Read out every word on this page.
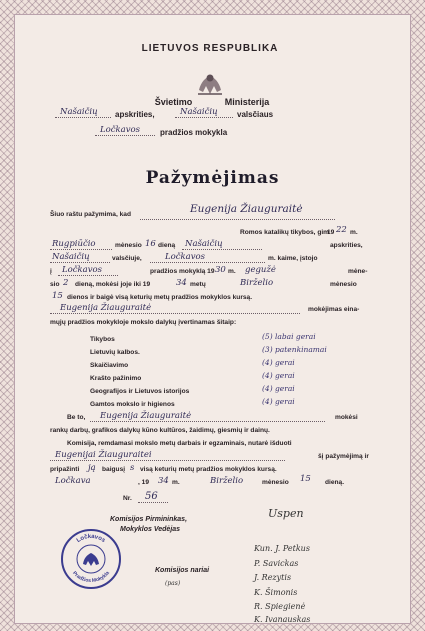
LIETUVOS RESPUBLIKA
Švietimo Ministerija
Našaičių apskrities,	Našaičių valsčiaus
Ločkavos pradžios mokykla
Pažymėjimas
Šiuo raštu pažymima, kad	Eugenija Žiauguraitė
Romos katalikų tikybos, gim
19 22 m.
Rugpiūčio	mėnesio 16 dieną Našaičių	apskrities,
Našaičių	valsčiuje,	Ločkavos	m. kaime, įstojo
į Ločkavos	pradžios mokyklą 19 30 m. gegužė	mėne-
sio 2 dieną, mokėsi joje iki 19	34 metų	Birželio	mėnesio
15 dienos ir baigė visą keturių metų pradžios mokyklos kursą.
Eugenija Žiauguraitė	mokėjimas eina-
mųjų pradžios mokykloje mokslo dalykų įvertinamas šitaip:
Tikybos	(5) labai gerai
Lietuvių kalbos.	(3) patenkinamai
Skaičiavimo	(4) gerai
Krašto pažinimo	(4) gerai
Geografijos ir Lietuvos istorijos	(4) gerai
Gamtos mokslo ir higienos	(4) gerai
Be to, Eugenija Žiauguraitė	mokėsi
rankų darbų, grafikos dalykų kūno kultūros, žaidimų, giesmių ir dainų.
Komisija, remdamasi mokslo metų darbais ir egzaminais, nutarė išduoti
Eugenijai Žiauguraitei	šį pažymėjimą ir
pripažinti ją baigusį s visą keturių metų pradžios mokyklos kursą.
Ločkava	, 19 34 m.	Birželio	mėnesio 15 dieną.
Nr. 56
Komisijos Pirmininkas,
Mokyklos Vedėjas
Uspen
Komisijos nariai
(pas)
Kun. J. Petkus
P. Savickas
J. Rezytis
K. Šimonis
R. Spiegienė
K. Ivanauskas
Ločkavos
Pradžios Mokykla
